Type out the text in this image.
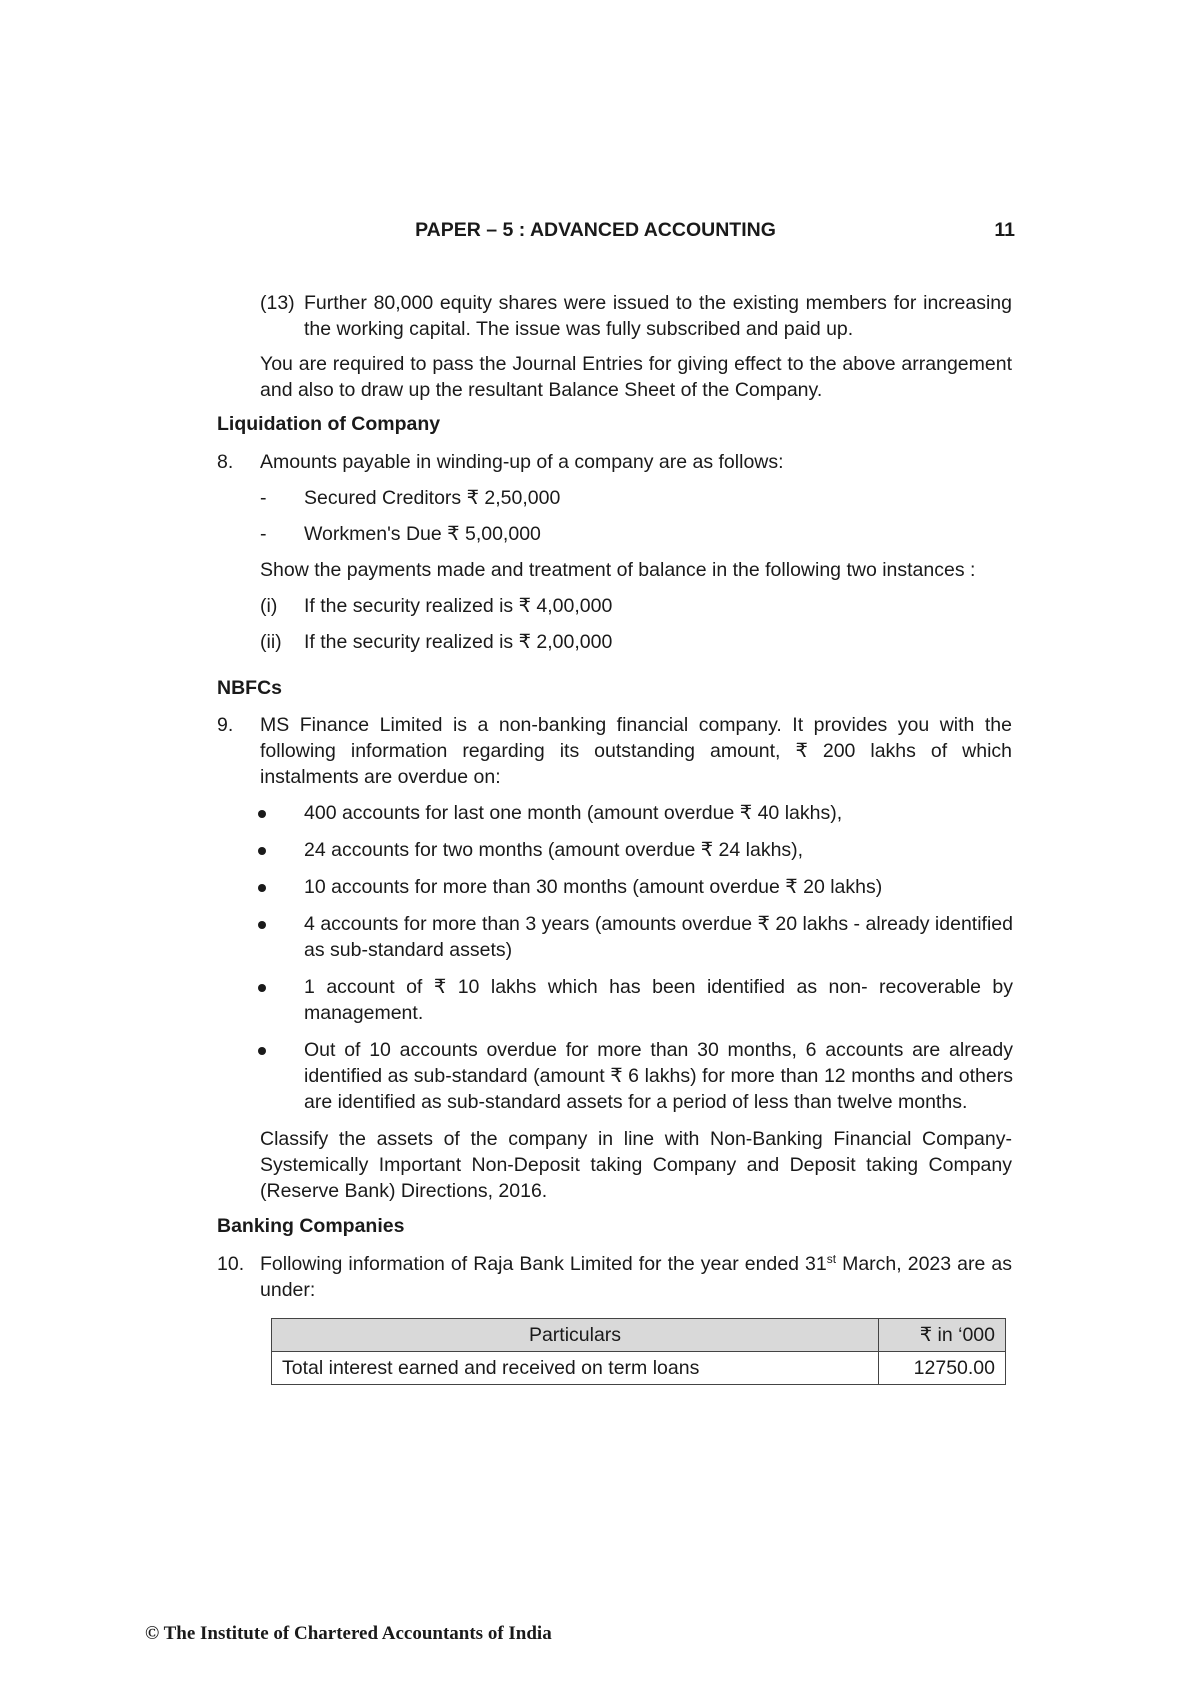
PAPER – 5 : ADVANCED ACCOUNTING	11
(13) Further 80,000 equity shares were issued to the existing members for increasing the working capital. The issue was fully subscribed and paid up.
You are required to pass the Journal Entries for giving effect to the above arrangement and also to draw up the resultant Balance Sheet of the Company.
Liquidation of Company
8. Amounts payable in winding-up of a company are as follows:
- Secured Creditors ₹ 2,50,000
- Workmen's Due ₹ 5,00,000
Show the payments made and treatment of balance in the following two instances :
(i) If the security realized is ₹ 4,00,000
(ii) If the security realized is ₹ 2,00,000
NBFCs
9. MS Finance Limited is a non-banking financial company. It provides you with the following information regarding its outstanding amount, ₹ 200 lakhs of which instalments are overdue on:
400 accounts for last one month (amount overdue ₹ 40 lakhs),
24 accounts for two months (amount overdue ₹ 24 lakhs),
10 accounts for more than 30 months (amount overdue ₹ 20 lakhs)
4 accounts for more than 3 years (amounts overdue ₹ 20 lakhs - already identified as sub-standard assets)
1 account of ₹ 10 lakhs which has been identified as non- recoverable by management.
Out of 10 accounts overdue for more than 30 months, 6 accounts are already identified as sub-standard (amount ₹ 6 lakhs) for more than 12 months and others are identified as sub-standard assets for a period of less than twelve months.
Classify the assets of the company in line with Non-Banking Financial Company-Systemically Important Non-Deposit taking Company and Deposit taking Company (Reserve Bank) Directions, 2016.
Banking Companies
10. Following information of Raja Bank Limited for the year ended 31st March, 2023 are as under:
Particulars	₹ in ‘000
Total interest earned and received on term loans	12750.00
© The Institute of Chartered Accountants of India
